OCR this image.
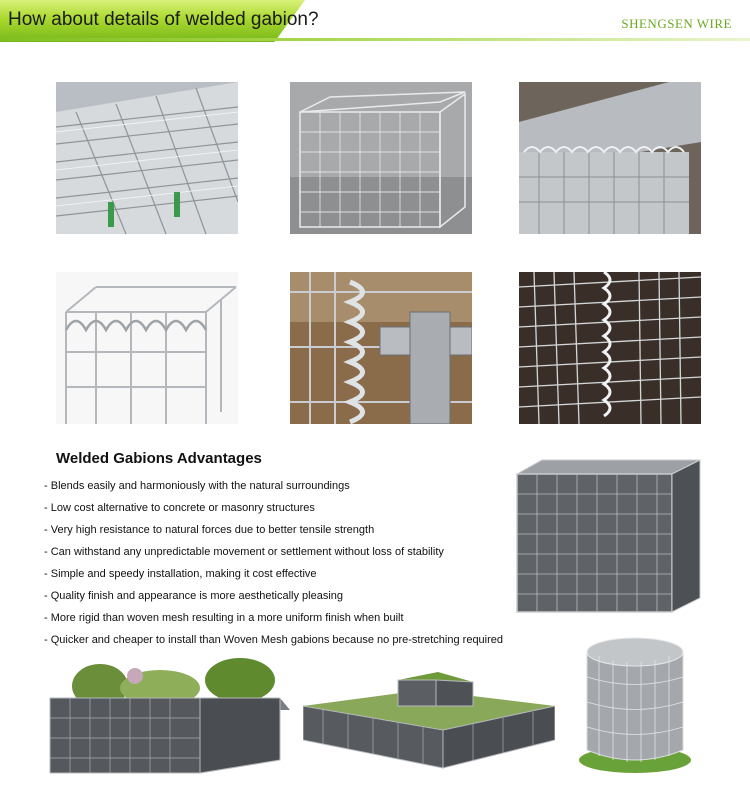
How about details of welded gabion?	SHENGSEN WIRE
Welded Gabions Advantages
- Blends easily and harmoniously with the natural surroundings
- Low cost alternative to concrete or masonry structures
- Very high resistance to natural forces due to better tensile strength
- Can withstand any unpredictable movement or settlement without loss of stability
- Simple and speedy installation, making it cost effective
- Quality finish and appearance is more aesthetically pleasing
- More rigid than woven mesh resulting in a more uniform finish when built
- Quicker and cheaper to install than Woven Mesh gabions because no pre-stretching required
